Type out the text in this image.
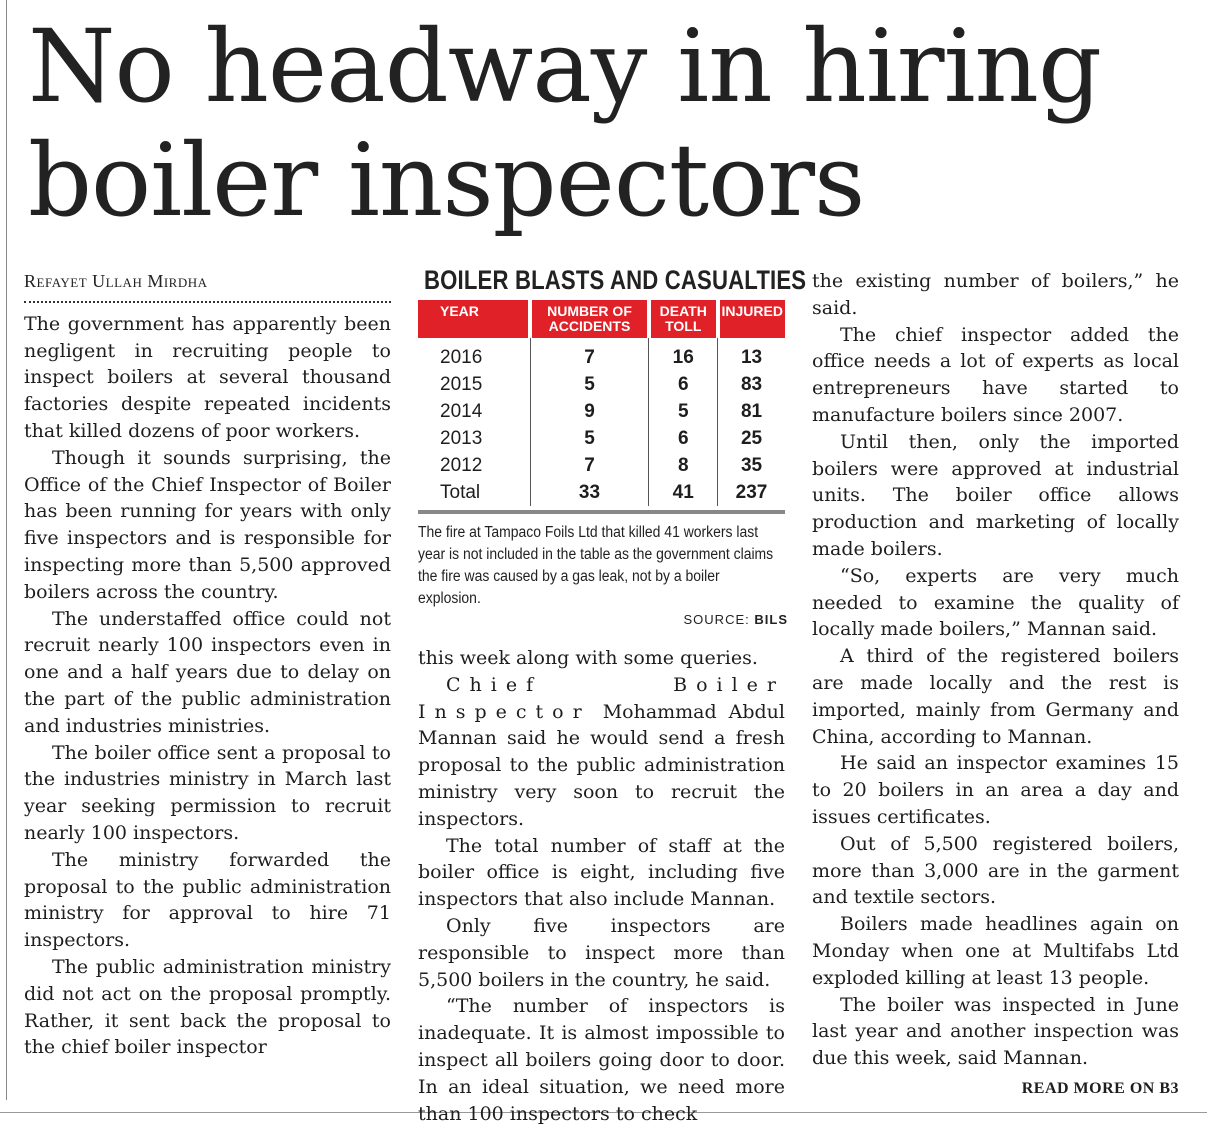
No headway in hiring boiler inspectors
Refayet Ullah Mirdha

The government has apparently been negligent in recruiting people to inspect boilers at several thousand factories despite repeated incidents that killed dozens of poor workers.

Though it sounds surprising, the Office of the Chief Inspector of Boiler has been running for years with only five inspectors and is responsible for inspecting more than 5,500 approved boilers across the country.

The understaffed office could not recruit nearly 100 inspectors even in one and a half years due to delay on the part of the public administration and industries ministries.

The boiler office sent a proposal to the industries ministry in March last year seeking permission to recruit nearly 100 inspectors.

The ministry forwarded the proposal to the public administration ministry for approval to hire 71 inspectors.

The public administration ministry did not act on the proposal promptly. Rather, it sent back the proposal to the chief boiler inspector

BOILER BLASTS AND CASUALTIES
YEAR	NUMBER OF ACCIDENTS	DEATH TOLL	INJURED

2016	7	16	13
2015	5	6	83
2014	9	5	81
2013	5	6	25
2012	7	8	35
Total	33	41	237
The fire at Tampaco Foils Ltd that killed 41 workers last year is not included in the table as the government claims the fire was caused by a gas leak, not by a boiler explosion.
SOURCE: BILS

this week along with some queries.

Chief Boiler Inspector Mohammad Abdul Mannan said he would send a fresh proposal to the public administration ministry very soon to recruit the inspectors.

The total number of staff at the boiler office is eight, including five inspectors that also include Mannan.

Only five inspectors are responsible to inspect more than 5,500 boilers in the country, he said.

“The number of inspectors is inadequate. It is almost impossible to inspect all boilers going door to door. In an ideal situation, we need more than 100 inspectors to check

the existing number of boilers,” he said.

The chief inspector added the office needs a lot of experts as local entrepreneurs have started to manufacture boilers since 2007.

Until then, only the imported boilers were approved at industrial units. The boiler office allows production and marketing of locally made boilers.

“So, experts are very much needed to examine the quality of locally made boilers,” Mannan said.

A third of the registered boilers are made locally and the rest is imported, mainly from Germany and China, according to Mannan.

He said an inspector examines 15 to 20 boilers in an area a day and issues certificates.

Out of 5,500 registered boilers, more than 3,000 are in the garment and textile sectors.

Boilers made headlines again on Monday when one at Multifabs Ltd exploded killing at least 13 people.

The boiler was inspected in June last year and another inspection was due this week, said Mannan.

READ MORE ON B3
